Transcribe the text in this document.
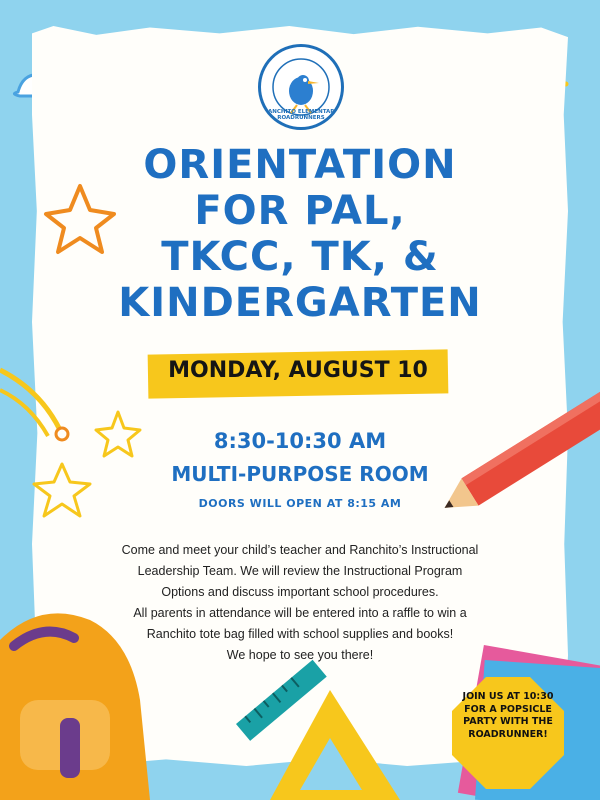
RANCHITO ELEMENTARY ROADRUNNERS
ORIENTATION
FOR PAL,
TKCC, TK, &
KINDERGARTEN
MONDAY, AUGUST 10
8:30-10:30 AM
MULTI-PURPOSE ROOM
DOORS WILL OPEN AT 8:15 AM
Come and meet your child’s teacher and Ranchito’s Instructional
Leadership Team. We will review the Instructional Program
Options and discuss important school procedures.
All parents in attendance will be entered into a raffle to win a
Ranchito tote bag filled with school supplies and books!
We hope to see you there!
JOIN US AT 10:30
FOR A POPSICLE
PARTY WITH THE
ROADRUNNER!
